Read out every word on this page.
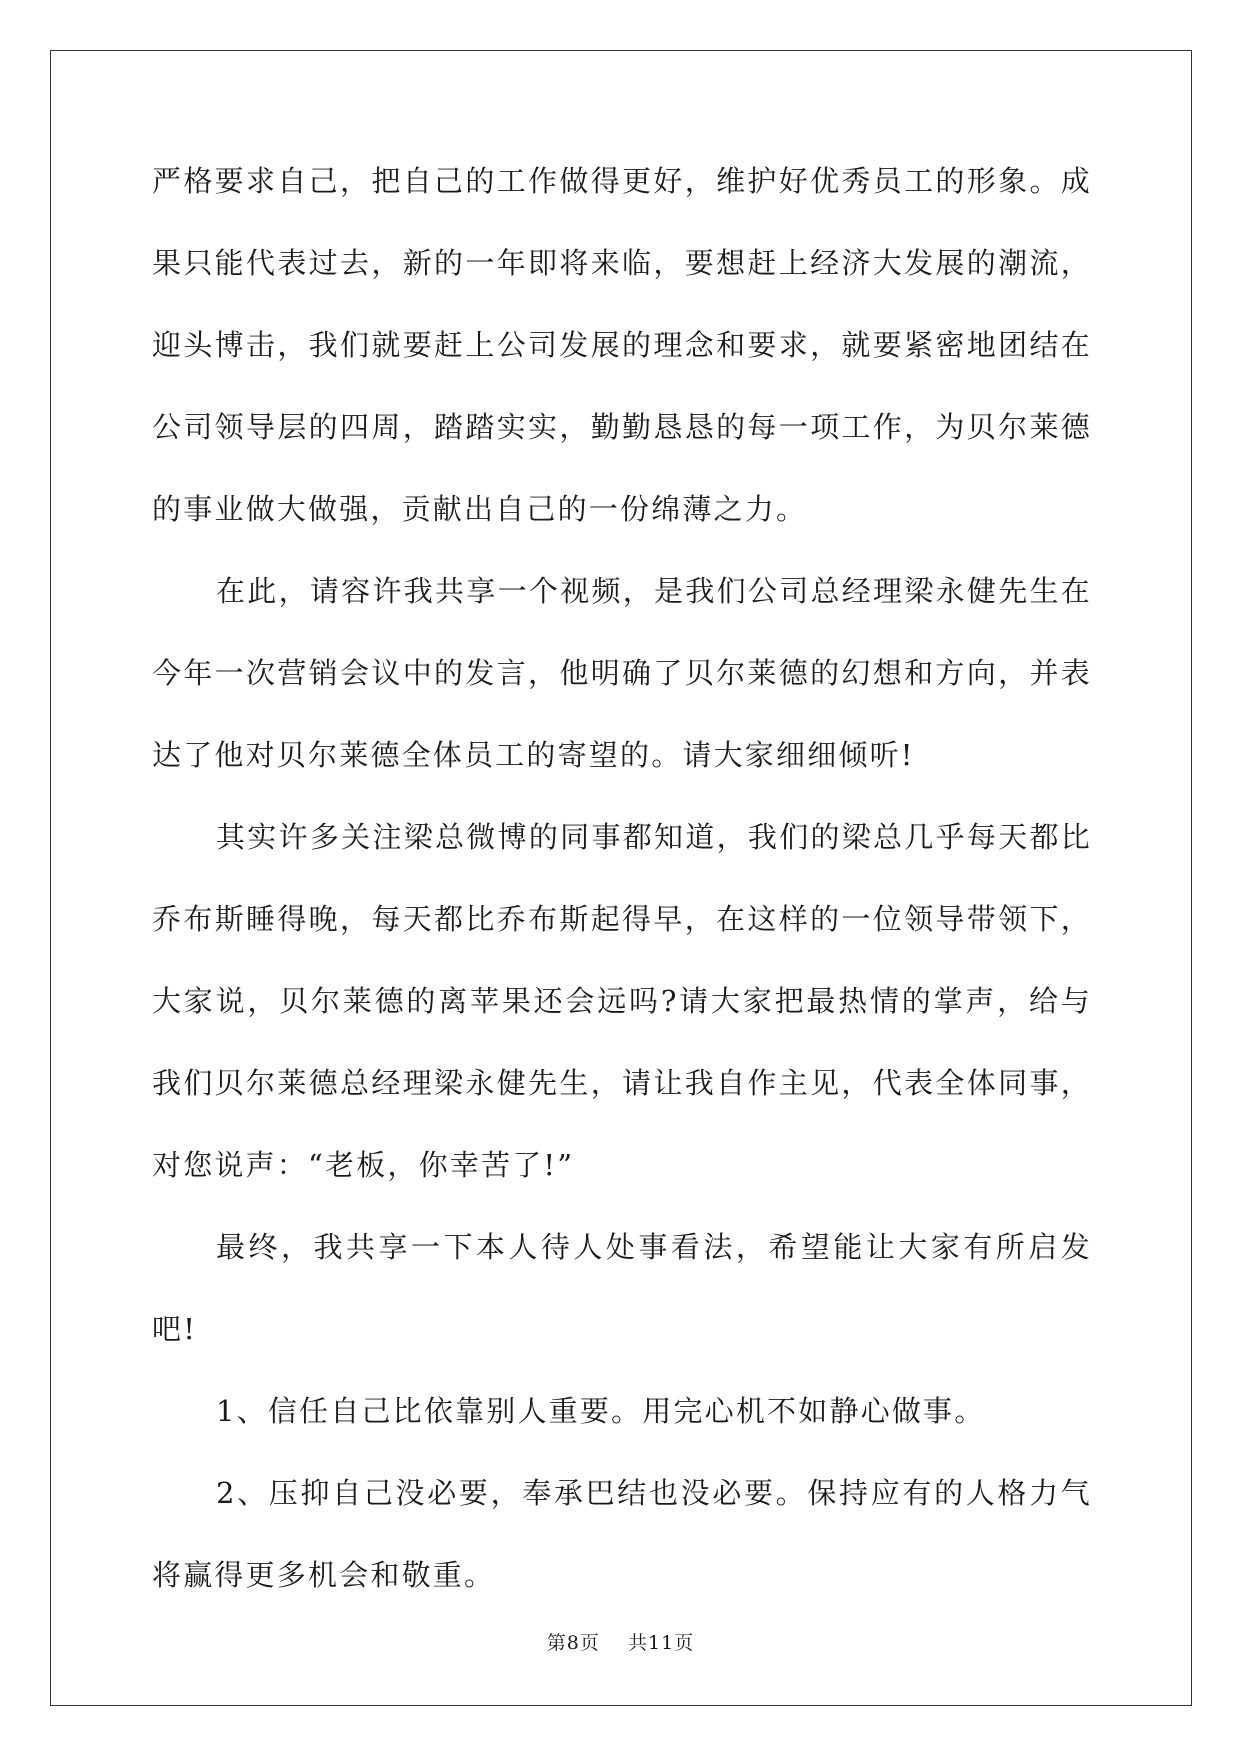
严格要求自己，把自己的工作做得更好，维护好优秀员工的形象。成果只能代表过去，新的一年即将来临，要想赶上经济大发展的潮流，迎头博击，我们就要赶上公司发展的理念和要求，就要紧密地团结在公司领导层的四周，踏踏实实，勤勤恳恳的每一项工作，为贝尔莱德的事业做大做强，贡献出自己的一份绵薄之力。

在此，请容许我共享一个视频，是我们公司总经理梁永健先生在今年一次营销会议中的发言，他明确了贝尔莱德的幻想和方向，并表达了他对贝尔莱德全体员工的寄望的。请大家细细倾听!

其实许多关注梁总微博的同事都知道，我们的梁总几乎每天都比乔布斯睡得晚，每天都比乔布斯起得早，在这样的一位领导带领下，大家说，贝尔莱德的离苹果还会远吗?请大家把最热情的掌声，给与我们贝尔莱德总经理梁永健先生，请让我自作主见，代表全体同事，对您说声：“老板，你幸苦了!”

最终，我共享一下本人待人处事看法，希望能让大家有所启发吧!

1、信任自己比依靠别人重要。用完心机不如静心做事。

2、压抑自己没必要，奉承巴结也没必要。保持应有的人格力气将赢得更多机会和敬重。

第8页 共11页
